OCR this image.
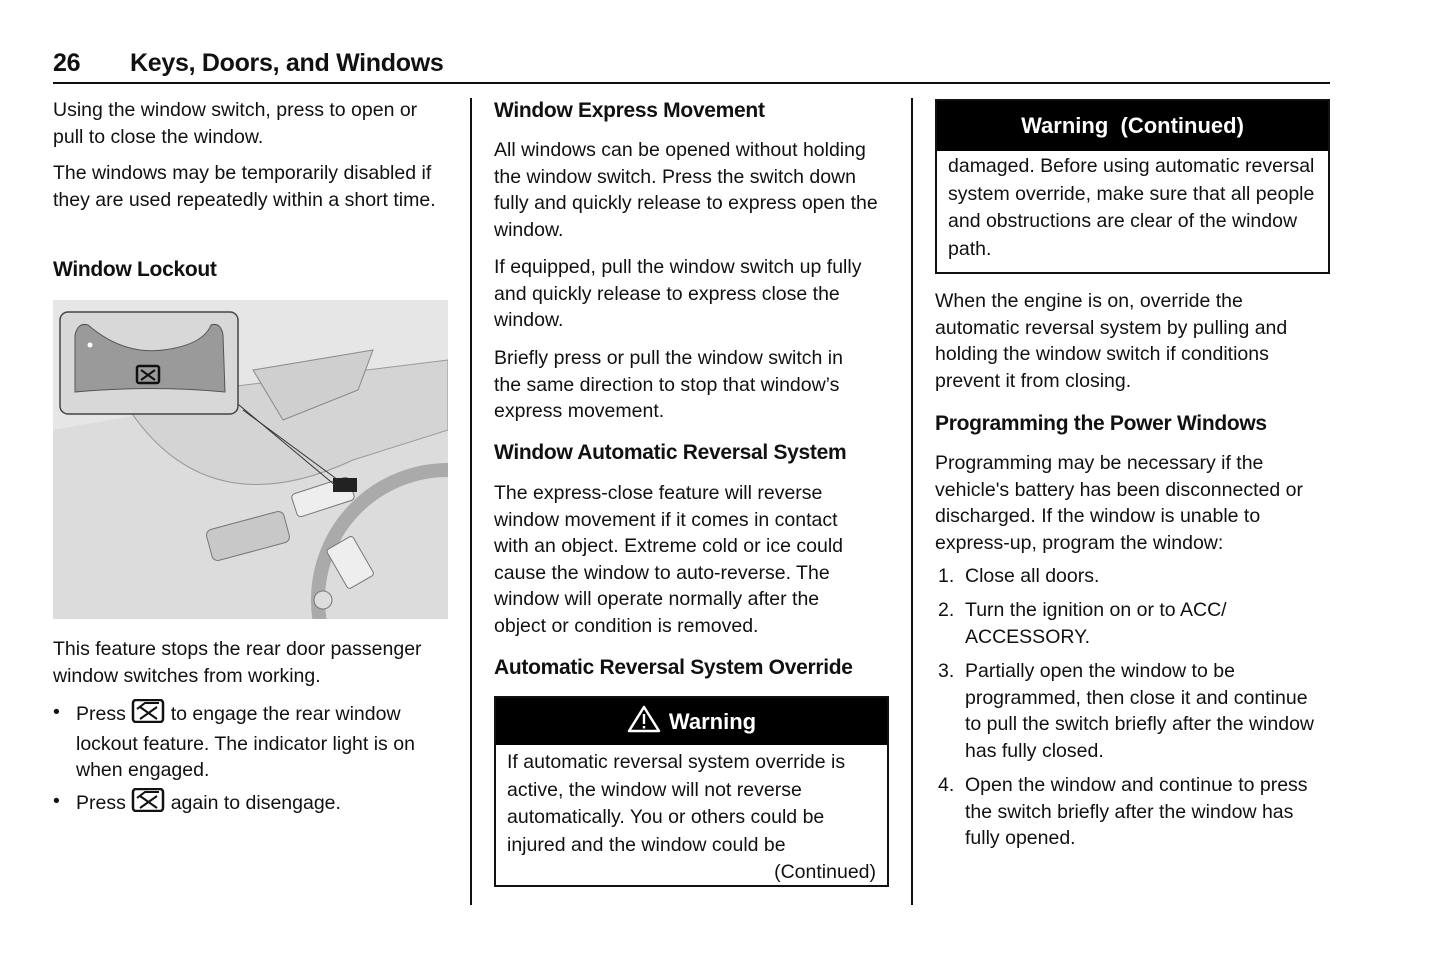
26 Keys, Doors, and Windows

Using the window switch, press to open or pull to close the window.

The windows may be temporarily disabled if they are used repeatedly within a short time.

Window Lockout

This feature stops the rear door passenger window switches from working.

• Press to engage the rear window lockout feature. The indicator light is on when engaged.
• Press again to disengage.
Window Express Movement

All windows can be opened without holding the window switch. Press the switch down fully and quickly release to express open the window.

If equipped, pull the window switch up fully and quickly release to express close the window.

Briefly press or pull the window switch in the same direction to stop that window’s express movement.

Window Automatic Reversal System

The express-close feature will reverse window movement if it comes in contact with an object. Extreme cold or ice could cause the window to auto-reverse. The window will operate normally after the object or condition is removed.

Automatic Reversal System Override
Warning
If automatic reversal system override is active, the window will not reverse automatically. You or others could be injured and the window could be
(Continued)
Warning  (Continued)
damaged. Before using automatic reversal system override, make sure that all people and obstructions are clear of the window path.

When the engine is on, override the automatic reversal system by pulling and holding the window switch if conditions prevent it from closing.

Programming the Power Windows

Programming may be necessary if the vehicle's battery has been disconnected or discharged. If the window is unable to express-up, program the window:

1. Close all doors.
2. Turn the ignition on or to ACC/ ACCESSORY.
3. Partially open the window to be programmed, then close it and continue to pull the switch briefly after the window has fully closed.
4. Open the window and continue to press the switch briefly after the window has fully opened.
